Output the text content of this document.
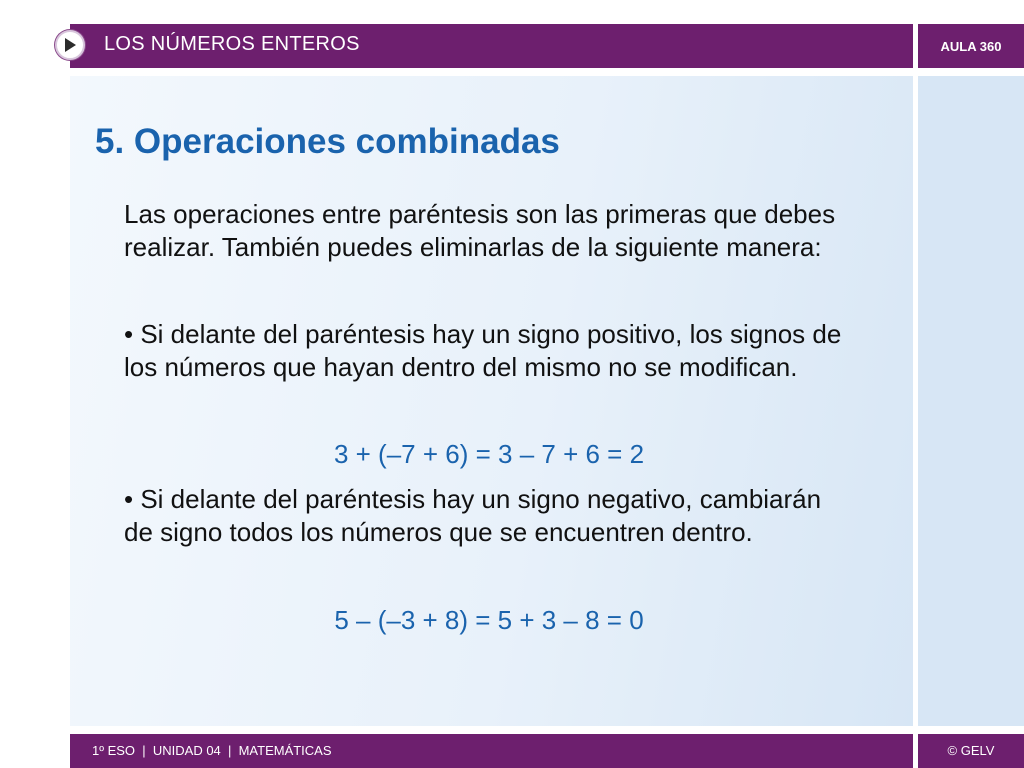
LOS NÚMEROS ENTEROS	AULA 360
5. Operaciones combinadas

Las operaciones entre paréntesis son las primeras que debes realizar. También puedes eliminarlas de la siguiente manera:

• Si delante del paréntesis hay un signo positivo, los signos de los números que hayan dentro del mismo no se modifican.

3 + (–7 + 6) = 3 – 7 + 6 = 2

• Si delante del paréntesis hay un signo negativo, cambiarán de signo todos los números que se encuentren dentro.

5 – (–3 + 8) = 5 + 3 – 8 = 0

1º ESO  |  UNIDAD 04  |  MATEMÁTICAS	© GELV
